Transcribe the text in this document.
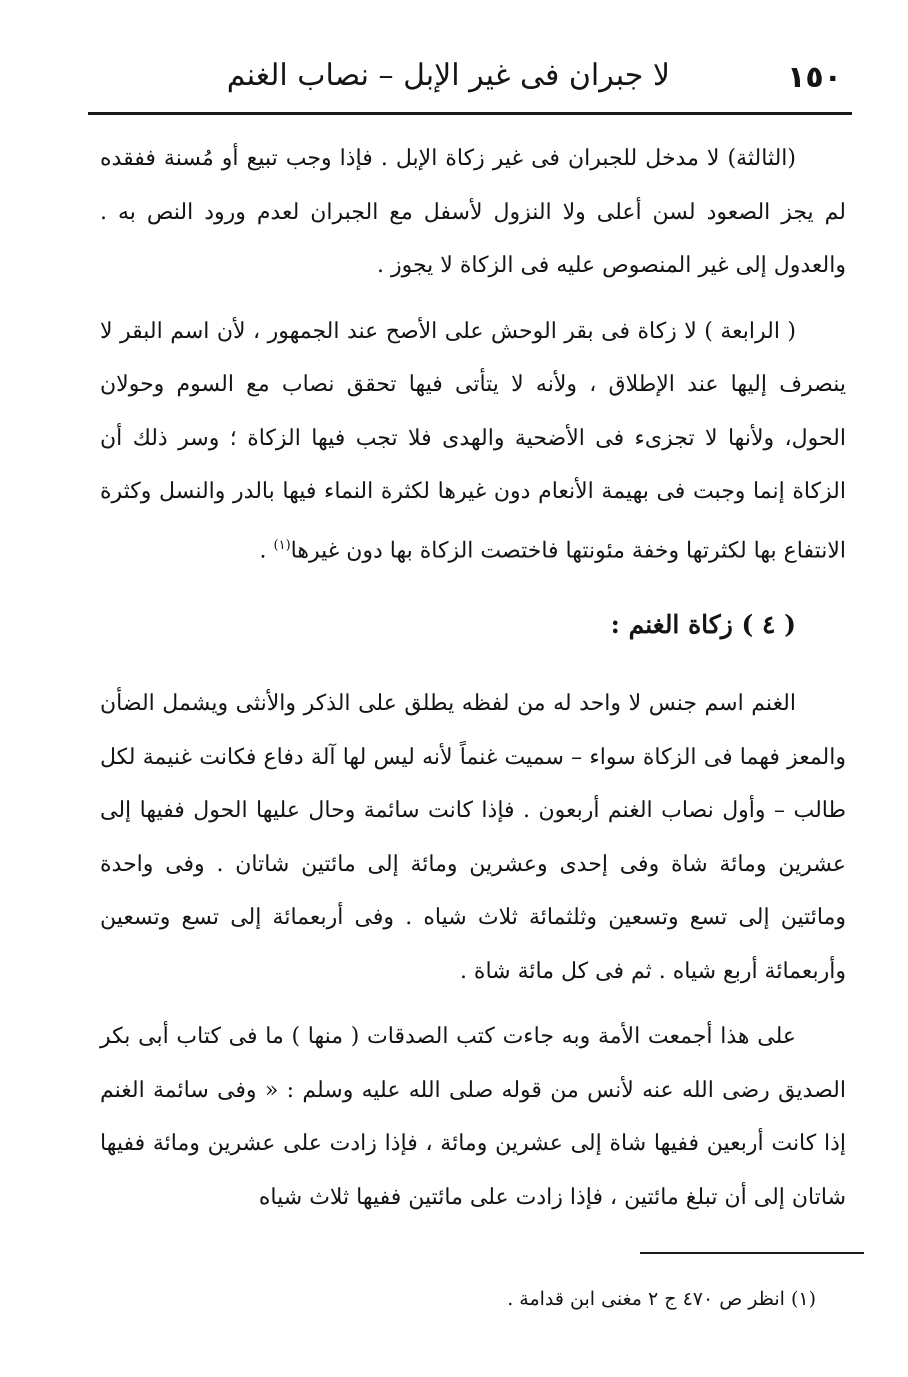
١٥٠
لا جبران فى غير الإبل – نصاب الغنم

(الثالثة) لا مدخل للجبران فى غير زكاة الإبل . فإذا وجب تبيع أو مُسنة ففقده لم يجز الصعود لسن أعلى ولا النزول لأسفل مع الجبران لعدم ورود النص به . والعدول إلى غير المنصوص عليه فى الزكاة لا يجوز .

( الرابعة ) لا زكاة فى بقر الوحش على الأصح عند الجمهور ، لأن اسم البقر لا ينصرف إليها عند الإطلاق ، ولأنه لا يتأتى فيها تحقق نصاب مع السوم وحولان الحول، ولأنها لا تجزىء فى الأضحية والهدى فلا تجب فيها الزكاة ؛ وسر ذلك أن الزكاة إنما وجبت فى بهيمة الأنعام دون غيرها لكثرة النماء فيها بالدر والنسل وكثرة الانتفاع بها لكثرتها وخفة مئونتها فاختصت الزكاة بها دون غيرها$^{(١)}$ .

( ٤ ) زكاة الغنم :

الغنم اسم جنس لا واحد له من لفظه يطلق على الذكر والأنثى ويشمل الضأن والمعز فهما فى الزكاة سواء – سميت غنماً لأنه ليس لها آلة دفاع فكانت غنيمة لكل طالب – وأول نصاب الغنم أربعون . فإذا كانت سائمة وحال عليها الحول ففيها إلى عشرين ومائة شاة وفى إحدى وعشرين ومائة إلى مائتين شاتان . وفى واحدة ومائتين إلى تسع وتسعين وثلثمائة ثلاث شياه . وفى أربعمائة إلى تسع وتسعين وأربعمائة أربع شياه . ثم فى كل مائة شاة .

على هذا أجمعت الأمة وبه جاءت كتب الصدقات ( منها ) ما فى كتاب أبى بكر الصديق رضى الله عنه لأنس من قوله صلى الله عليه وسلم : « وفى سائمة الغنم إذا كانت أربعين ففيها شاة إلى عشرين ومائة ، فإذا زادت على عشرين ومائة ففيها شاتان إلى أن تبلغ مائتين ، فإذا زادت على مائتين ففيها ثلاث شياه

(١) انظر ص ٤٧٠ ج ٢ مغنى ابن قدامة .
